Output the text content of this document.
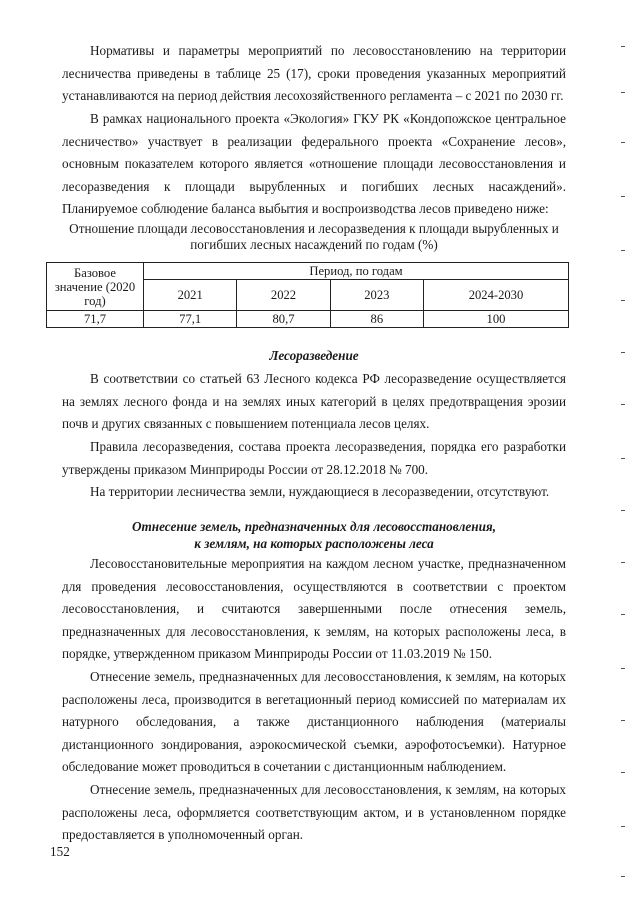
Нормативы и параметры мероприятий по лесовосстановлению на территории лесничества приведены в таблице 25 (17), сроки проведения указанных мероприятий устанавливаются на период действия лесохозяйственного регламента – с 2021 по 2030 гг.

В рамках национального проекта «Экология» ГКУ РК «Кондопожское центральное лесничество» участвует в реализации федерального проекта «Сохранение лесов», основным показателем которого является «отношение площади лесовосстановления и лесоразведения к площади вырубленных и погибших лесных насаждений». Планируемое соблюдение баланса выбытия и воспроизводства лесов приведено ниже:

Отношение площади лесовосстановления и лесоразведения к площади вырубленных и погибших лесных насаждений по годам (%)

Базовое значение (2020 год)	Период, по годам			
	2021	2022	2023	2024-2030
71,7	77,1	80,7	86	100

Лесоразведение

В соответствии со статьей 63 Лесного кодекса РФ лесоразведение осуществляется на землях лесного фонда и на землях иных категорий в целях предотвращения эрозии почв и других связанных с повышением потенциала лесов целях.

Правила лесоразведения, состава проекта лесоразведения, порядка его разработки утверждены приказом Минприроды России от 28.12.2018 № 700.

На территории лесничества земли, нуждающиеся в лесоразведении, отсутствуют.

Отнесение земель, предназначенных для лесовосстановления,
к землям, на которых расположены леса

Лесовосстановительные мероприятия на каждом лесном участке, предназначенном для проведения лесовосстановления, осуществляются в соответствии с проектом лесовосстановления, и считаются завершенными после отнесения земель, предназначенных для лесовосстановления, к землям, на которых расположены леса, в порядке, утвержденном приказом Минприроды России от 11.03.2019 № 150.

Отнесение земель, предназначенных для лесовосстановления, к землям, на которых расположены леса, производится в вегетационный период комиссией по материалам их натурного обследования, а также дистанционного наблюдения (материалы дистанционного зондирования, аэрокосмической съемки, аэрофотосъемки). Натурное обследование может проводиться в сочетании с дистанционным наблюдением.

Отнесение земель, предназначенных для лесовосстановления, к землям, на которых расположены леса, оформляется соответствующим актом, и в установленном порядке предоставляется в уполномоченный орган.

152
